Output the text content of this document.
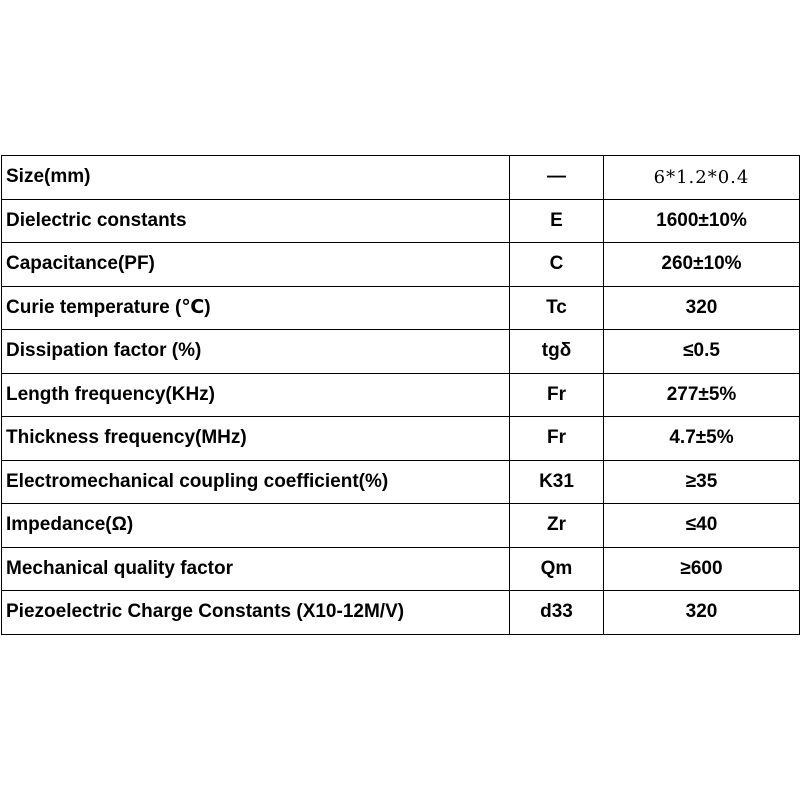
Size(mm)	—	6*1.2*0.4
Dielectric constants	E	1600±10%
Capacitance(PF)	C	260±10%
Curie temperature (℃)	Tc	320
Dissipation factor (%)	tgδ	≤0.5
Length frequency(KHz)	Fr	277±5%
Thickness frequency(MHz)	Fr	4.7±5%
Electromechanical coupling coefficient(%)	K31	≥35
Impedance(Ω)	Zr	≤40
Mechanical quality factor	Qm	≥600
Piezoelectric Charge Constants (X10-12M/V)	d33	320
